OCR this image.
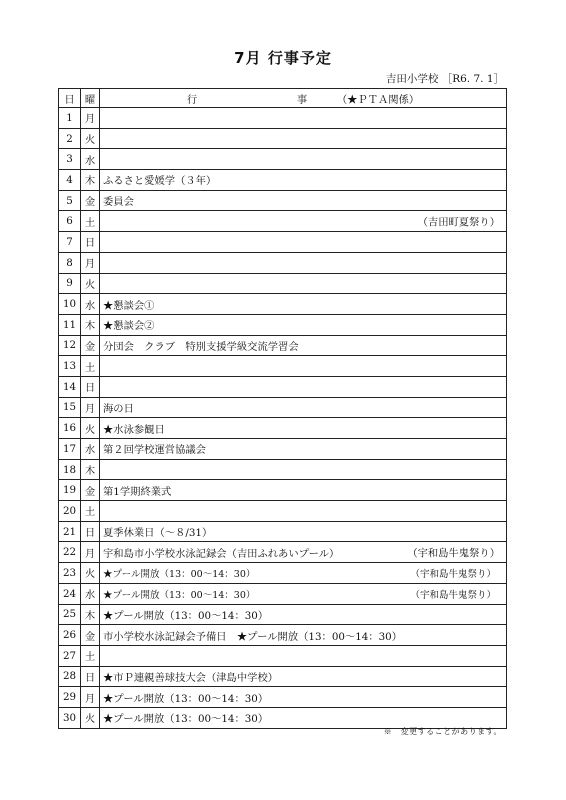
7月 行事予定
吉田小学校 ［R6. 7. 1］
日	曜	行 事 （★ＰＴＡ関係）
1	月	
2	火	
3	水	
4	木	ふるさと愛媛学（３年）
5	金	委員会
6	土	（吉田町夏祭り）

7	日	
8	月	
9	火	
10	水	★懇談会①
11	木	★懇談会②
12	金	分団会　クラブ　特別支援学級交流学習会
13	土	
14	日	
15	月	海の日
16	火	★水泳参観日
17	水	第２回学校運営協議会
18	木	
19	金	第1学期終業式
20	土	
21	日	夏季休業日（～８/31）
22	月	宇和島市小学校水泳記録会（吉田ふれあいプール） （宇和島牛鬼祭り）

23	火	★プール開放（13：00～14：30） （宇和島牛鬼祭り）

24	水	★プール開放（13：00～14：30） （宇和島牛鬼祭り）

25	木	★プール開放（13：00～14：30）
26	金	市小学校水泳記録会予備日　★プール開放（13：00～14：30）
27	土	
28	日	★市Ｐ連親善球技大会（津島中学校）
29	月	★プール開放（13：00～14：30）
30	火	★プール開放（13：00～14：30）
※　変更することがあります。
